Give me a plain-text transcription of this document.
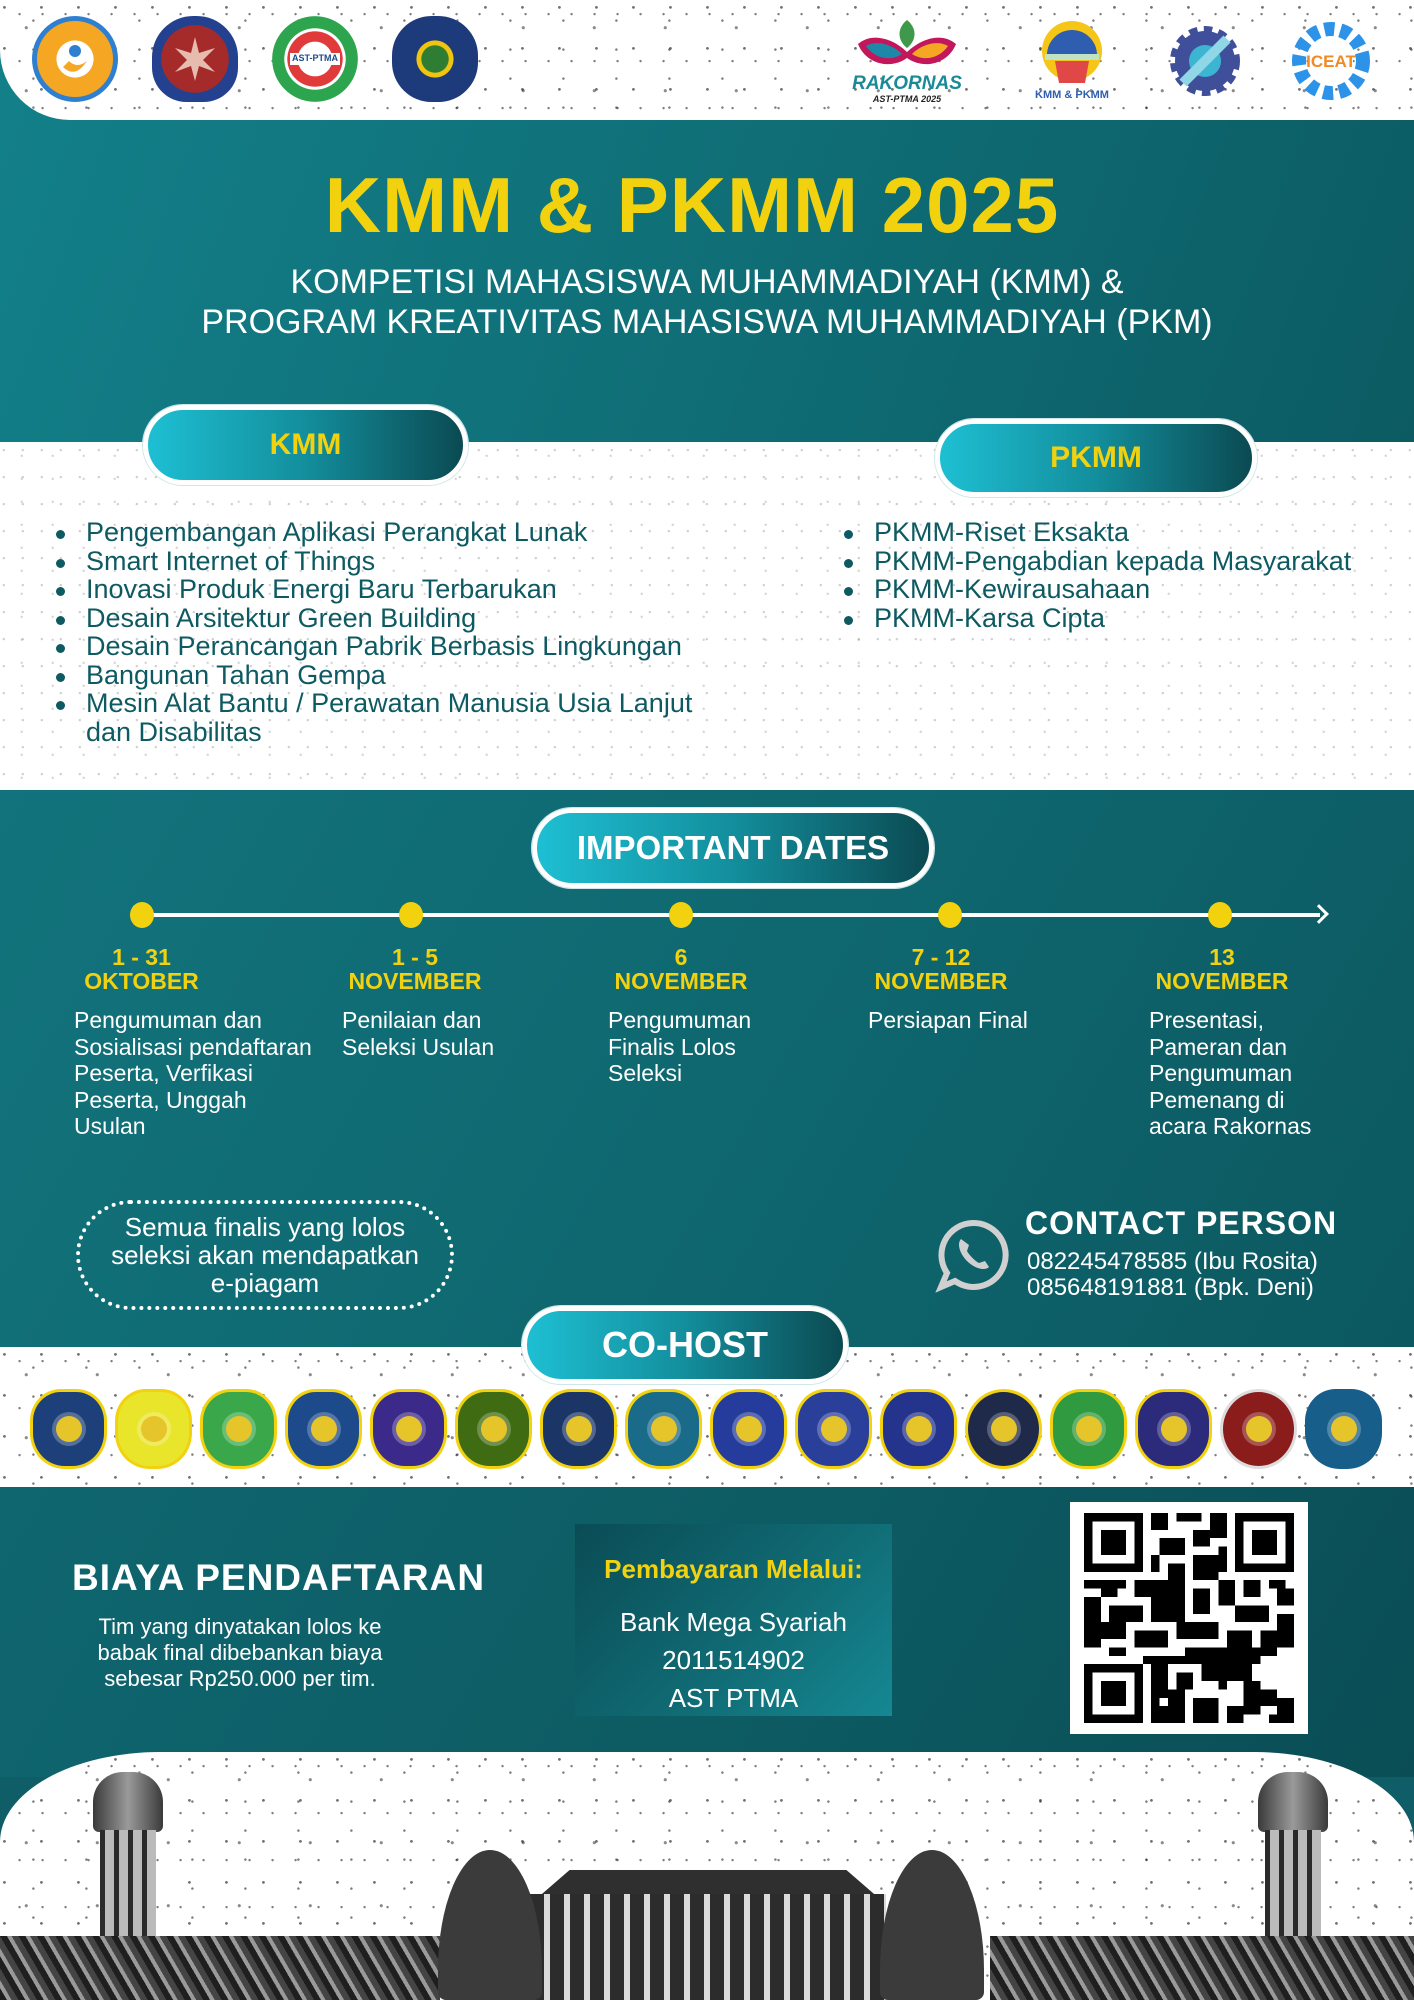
KMM & PKMM 2025
KOMPETISI MAHASISWA MUHAMMADIYAH (KMM) &
PROGRAM KREATIVITAS MAHASISWA MUHAMMADIYAH (PKM)
AST-PTMA
RAKORNAS
AST-PTMA 2025	KMM & PKMM
ICEAT
Pengembangan Aplikasi Perangkat Lunak
Smart Internet of Things
Inovasi Produk Energi Baru Terbarukan
Desain Arsitektur Green Building
Desain Perancangan Pabrik Berbasis Lingkungan
Bangunan Tahan Gempa
Mesin Alat Bantu / Perawatan Manusia Usia Lanjut dan Disabilitas
PKMM-Riset Eksakta
PKMM-Pengabdian kepada Masyarakat
PKMM-Kewirausahaan
PKMM-Karsa Cipta
KMM	PKMM
1 - 31
OKTOBER
Pengumuman dan Sosialisasi pendaftaran Peserta, Verfikasi Peserta, Unggah Usulan
1 - 5
NOVEMBER
Penilaian dan Seleksi Usulan
6
NOVEMBER
Pengumuman Finalis Lolos Seleksi
7 - 12
NOVEMBER
Persiapan Final
13
NOVEMBER
Presentasi, Pameran dan Pengumuman Pemenang di acara Rakornas
Semua finalis yang lolos seleksi akan mendapatkan e-piagam
CONTACT PERSON
082245478585 (Ibu Rosita)
085648191881 (Bpk. Deni)
IMPORTANT DATES
CO-HOST
BIAYA PENDAFTARAN
Tim yang dinyatakan lolos ke babak final dibebankan biaya sebesar Rp250.000 per tim.
Pembayaran Melalui:
Bank Mega Syariah
2011514902
AST PTMA
